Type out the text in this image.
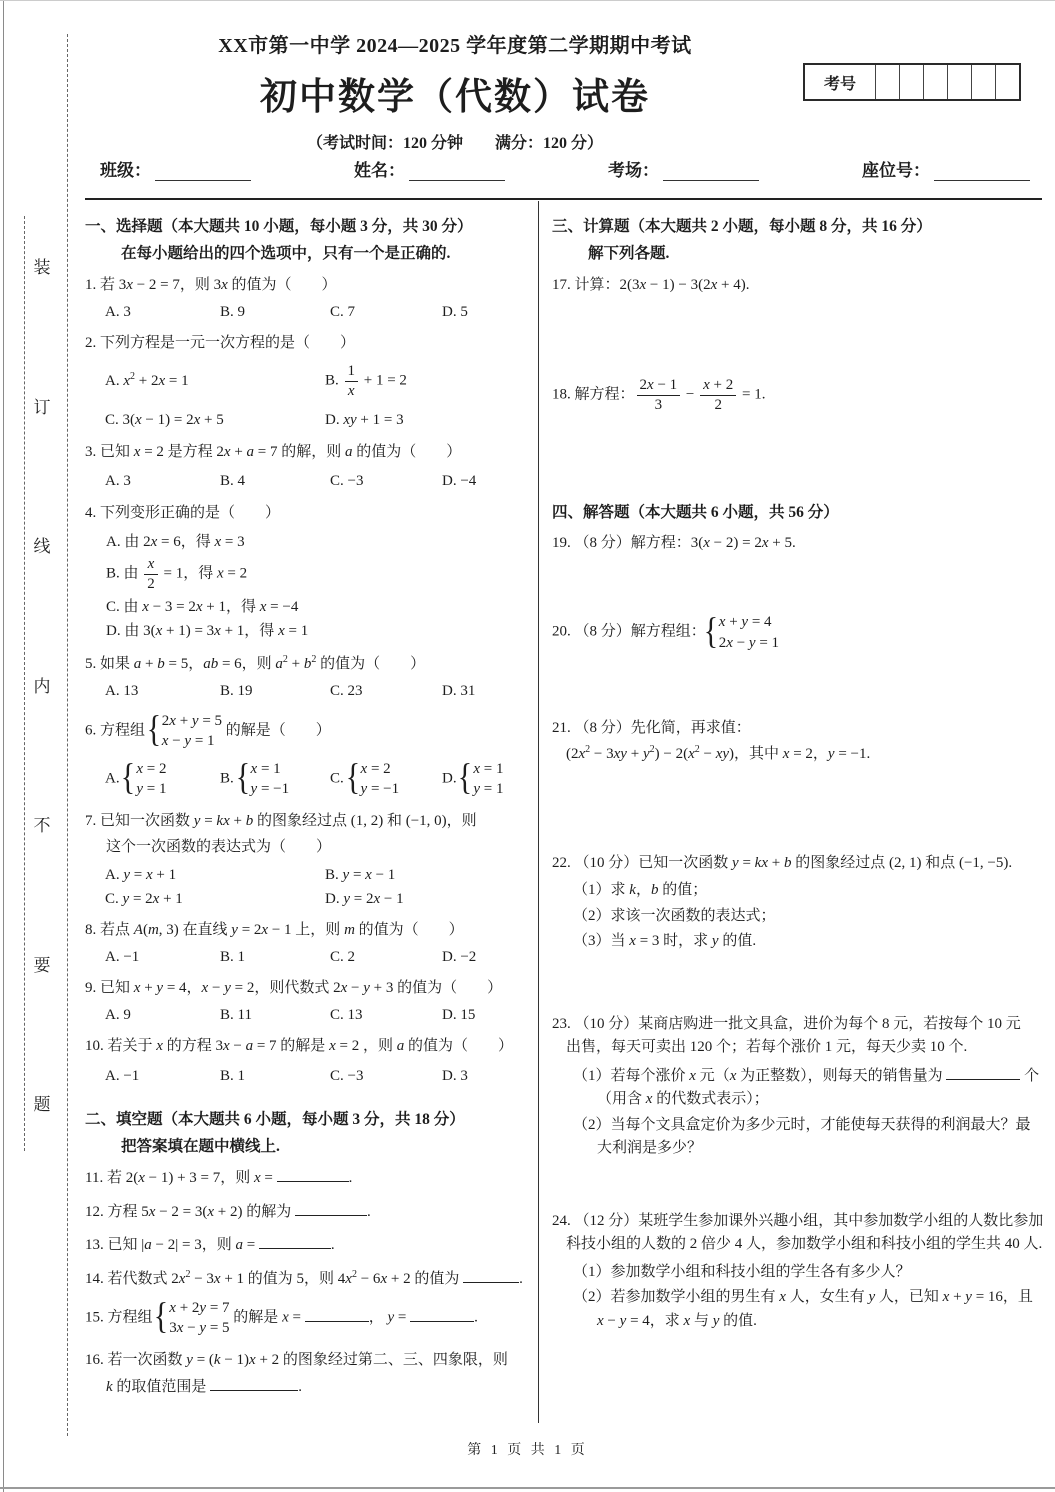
装
订
线
内
不
要
题
XX市第一中学 2024—2025 学年度第二学期期中考试
初中数学（代数）试卷
（考试时间：120 分钟　　满分：120 分）
考号
班级：	姓名：	考场：	座位号：
一、选择题（本大题共 10 小题，每小题 3 分，共 30 分）
在每小题给出的四个选项中，只有一个是正确的.
1. 若 3x − 2 = 7，则 3x 的值为（　　）
A. 3	B. 9	C. 7	D. 5
2. 下列方程是一元一次方程的是（　　）
A. $x^2 + 2x = 1$	B. $\frac{1}{x} + 1 = 2$
C. 3(x − 1) = 2x + 5	D. xy + 1 = 3
3. 已知 x = 2 是方程 2x + a = 7 的解，则 a 的值为（　　）
A. 3	B. 4	C. −3	D. −4
4. 下列变形正确的是（　　）
A. 由 2x = 6，得 x = 3
B. 由 $\frac{x}{2} = 1$，得 x = 2
C. 由 x − 3 = 2x + 1，得 x = −4
D. 由 3(x + 1) = 3x + 1，得 x = 1
5. 如果 a + b = 5，ab = 6，则 $a^2 + b^2$ 的值为（　　）
A. 13	B. 19	C. 23	D. 31
6. 方程组
{ 2x + y = 5
x − y = 1
的解是（　　）
A.
{ x = 2
y = 1
B.
{ x = 1
y = −1
C.
{ x = 2
y = −1
D.
{ x = 1
y = 1
7. 已知一次函数 y = kx + b 的图象经过点 (1, 2) 和 (−1, 0)，则
这个一次函数的表达式为（　　）
A. y = x + 1	B. y = x − 1
C. y = 2x + 1	D. y = 2x − 1
8. 若点 A(m, 3) 在直线 y = 2x − 1 上，则 m 的值为（　　）
A. −1	B. 1	C. 2	D. −2
9. 已知 x + y = 4，x − y = 2，则代数式 2x − y + 3 的值为（　　）
A. 9	B. 11	C. 13	D. 15
10. 若关于 x 的方程 3x − a = 7 的解是 x = 2 ，则 a 的值为（　　）
A. −1	B. 1	C. −3	D. 3
二、填空题（本大题共 6 小题，每小题 3 分，共 18 分）
把答案填在题中横线上.
11. 若 2(x − 1) + 3 = 7，则 x =	.
12. 方程 5x − 2 = 3(x + 2) 的解为	.
13. 已知 |a − 2| = 3，则 a =	.
14. 若代数式 $2x^2 - 3x + 1$ 的值为 5，则 $4x^2 - 6x + 2$ 的值为	.
15. 方程组
{ x + 2y = 7
3x − y = 5
的解是 x =	， y =	.
16. 若一次函数 y = (k − 1)x + 2 的图象经过第二、三、四象限，则
k 的取值范围是	.
三、计算题（本大题共 2 小题，每小题 8 分，共 16 分）
解下列各题.
17. 计算：2(3x − 1) − 3(2x + 4).
18. 解方程： $\frac{2x - 1}{3} - \frac{x + 2}{2} = 1$.
四、解答题（本大题共 6 小题，共 56 分）
19. （8 分）解方程：3(x − 2) = 2x + 5.
20. （8 分）解方程组：
{ x + y = 4
2x − y = 1
21. （8 分）先化简，再求值：
$(2x^2 - 3xy + y^2) - 2(x^2 - xy)$，其中 x = 2，y = −1.
22. （10 分）已知一次函数 y = kx + b 的图象经过点 (2, 1) 和点 (−1, −5).
（1）求 k，b 的值；
（2）求该一次函数的表达式；
（3）当 x = 3 时，求 y 的值.
23. （10 分）某商店购进一批文具盒，进价为每个 8 元，若按每个 10 元
出售，每天可卖出 120 个；若每个涨价 1 元，每天少卖 10 个.
（1）若每个涨价 x 元（x 为正整数），则每天的销售量为	个
（用含 x 的代数式表示）；
（2）当每个文具盒定价为多少元时，才能使每天获得的利润最大？最
大利润是多少？
24. （12 分）某班学生参加课外兴趣小组，其中参加数学小组的人数比参加
科技小组的人数的 2 倍少 4 人，参加数学小组和科技小组的学生共 40 人.
（1）参加数学小组和科技小组的学生各有多少人？
（2）若参加数学小组的男生有 x 人，女生有 y 人，已知 x + y = 16，且
x − y = 4，求 x 与 y 的值.
第 1 页 共 1 页
